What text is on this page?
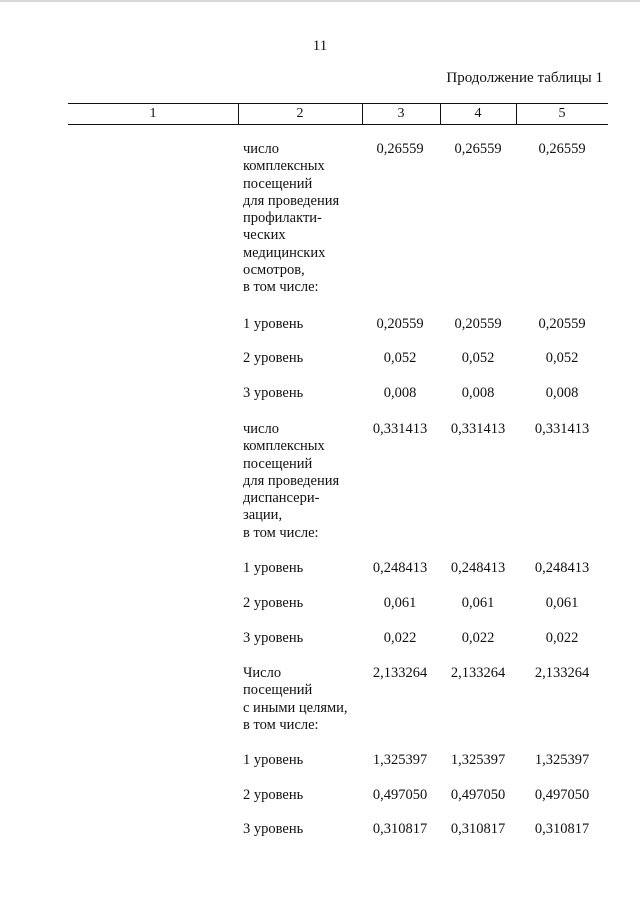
11
Продолжение таблицы 1
1	2	3	4	5
число
комплексных
посещений
для проведения
профилакти-
ческих
медицинских
осмотров,
в том числе:
0,26559	0,26559	0,26559
1 уровень	0,20559	0,20559	0,20559
2 уровень	0,052	0,052	0,052
3 уровень	0,008	0,008	0,008
число
комплексных
посещений
для проведения
диспансери-
зации,
в том числе:
0,331413	0,331413	0,331413
1 уровень	0,248413	0,248413	0,248413
2 уровень	0,061	0,061	0,061
3 уровень	0,022	0,022	0,022
Число
посещений
с иными целями,
в том числе:
2,133264	2,133264	2,133264
1 уровень	1,325397	1,325397	1,325397
2 уровень	0,497050	0,497050	0,497050
3 уровень	0,310817	0,310817	0,310817
